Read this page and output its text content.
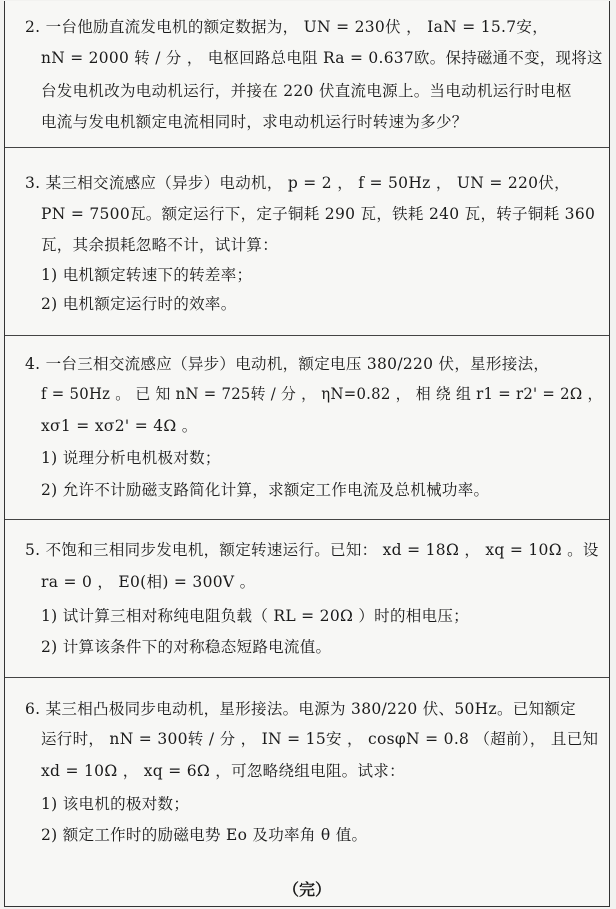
2. 一台他励直流发电机的额定数据为， UN = 230伏 ， IaN = 15.7安，
nN = 2000 转 / 分 ， 电枢回路总电阻 Ra = 0.637欧。保持磁通不变，现将这
台发电机改为电动机运行，并接在 220 伏直流电源上。当电动机运行时电枢
电流与发电机额定电流相同时，求电动机运行时转速为多少？
3. 某三相交流感应（异步）电动机， p = 2 ， f = 50Hz ， UN = 220伏，
PN = 7500瓦。额定运行下，定子铜耗 290 瓦，铁耗 240 瓦，转子铜耗 360
瓦，其余损耗忽略不计，试计算：
1) 电机额定转速下的转差率；
2) 电机额定运行时的效率。
4. 一台三相交流感应（异步）电动机，额定电压 380/220 伏，星形接法，
f = 50Hz 。 已 知 nN = 725转 / 分 ， ηN=0.82 ， 相 绕 组 r1 = r2' = 2Ω ，
xσ1 = xσ2' = 4Ω 。
1) 说理分析电机极对数；
2) 允许不计励磁支路简化计算，求额定工作电流及总机械功率。
5. 不饱和三相同步发电机，额定转速运行。已知： xd = 18Ω ， xq = 10Ω 。设
ra = 0 ， E0(相) = 300V 。
1) 试计算三相对称纯电阻负载（ RL = 20Ω ）时的相电压；
2) 计算该条件下的对称稳态短路电流值。
6. 某三相凸极同步电动机，星形接法。电源为 380/220 伏、50Hz。已知额定
运行时， nN = 300转 / 分 ， IN = 15安 ， cosφN = 0.8 （超前）， 且已知
xd = 10Ω ， xq = 6Ω ，可忽略绕组电阻。试求：
1) 该电机的极对数；
2) 额定工作时的励磁电势 Eo 及功率角 θ 值。
（完）
